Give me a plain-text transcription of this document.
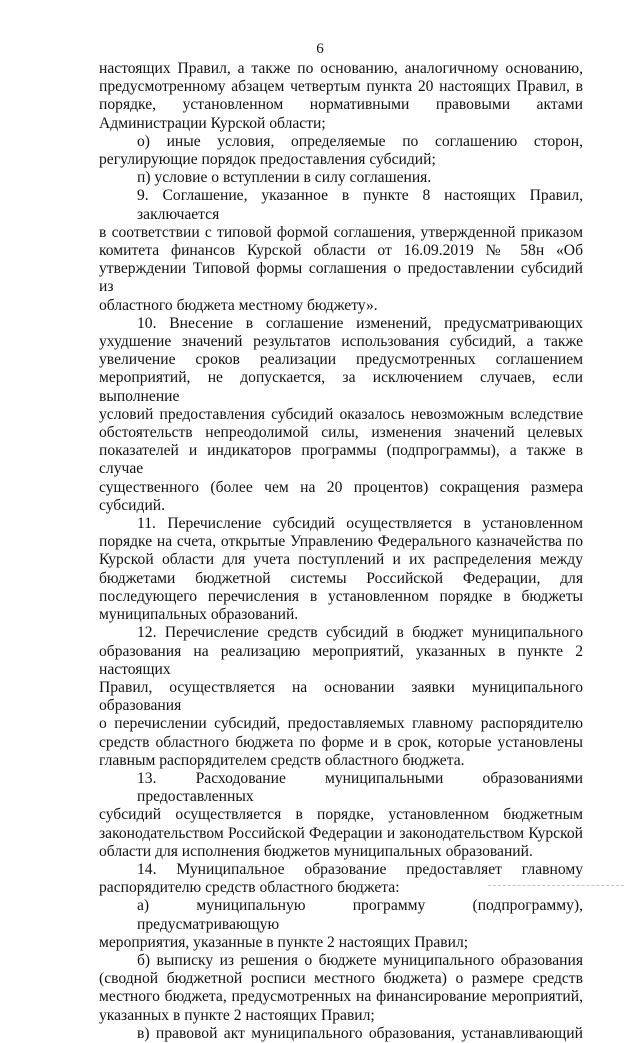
6

настоящих Правил, а также по основанию, аналогичному основанию,

предусмотренному абзацем четвертым пункта 20 настоящих Правил, в

порядке, установленном нормативными правовыми актами

Администрации Курской области;

о) иные условия, определяемые по соглашению сторон,

регулирующие порядок предоставления субсидий;

п) условие о вступлении в силу соглашения.

9. Соглашение, указанное в пункте 8 настоящих Правил, заключается

в соответствии с типовой формой соглашения, утвержденной приказом

комитета финансов Курской области от 16.09.2019 № 58н «Об

утверждении Типовой формы соглашения о предоставлении субсидий из

областного бюджета местному бюджету».

10. Внесение в соглашение изменений, предусматривающих

ухудшение значений результатов использования субсидий, а также

увеличение сроков реализации предусмотренных соглашением

мероприятий, не допускается, за исключением случаев, если выполнение

условий предоставления субсидий оказалось невозможным вследствие

обстоятельств непреодолимой силы, изменения значений целевых

показателей и индикаторов программы (подпрограммы), а также в случае

существенного (более чем на 20 процентов) сокращения размера субсидий.

11. Перечисление субсидий осуществляется в установленном

порядке на счета, открытые Управлению Федерального казначейства по

Курской области для учета поступлений и их распределения между

бюджетами бюджетной системы Российской Федерации, для

последующего перечисления в установленном порядке в бюджеты

муниципальных образований.

12. Перечисление средств субсидий в бюджет муниципального

образования на реализацию мероприятий, указанных в пункте 2 настоящих

Правил, осуществляется на основании заявки муниципального образования

о перечислении субсидий, предоставляемых главному распорядителю

средств областного бюджета по форме и в срок, которые установлены

главным распорядителем средств областного бюджета.

13. Расходование муниципальными образованиями предоставленных

субсидий осуществляется в порядке, установленном бюджетным

законодательством Российской Федерации и законодательством Курской

области для исполнения бюджетов муниципальных образований.

14. Муниципальное образование предоставляет главному

распорядителю средств областного бюджета:

а) муниципальную программу (подпрограмму), предусматривающую

мероприятия, указанные в пункте 2 настоящих Правил;

б) выписку из решения о бюджете муниципального образования

(сводной бюджетной росписи местного бюджета) о размере средств

местного бюджета, предусмотренных на финансирование мероприятий,

указанных в пункте 2 настоящих Правил;

в) правовой акт муниципального образования, устанавливающий
